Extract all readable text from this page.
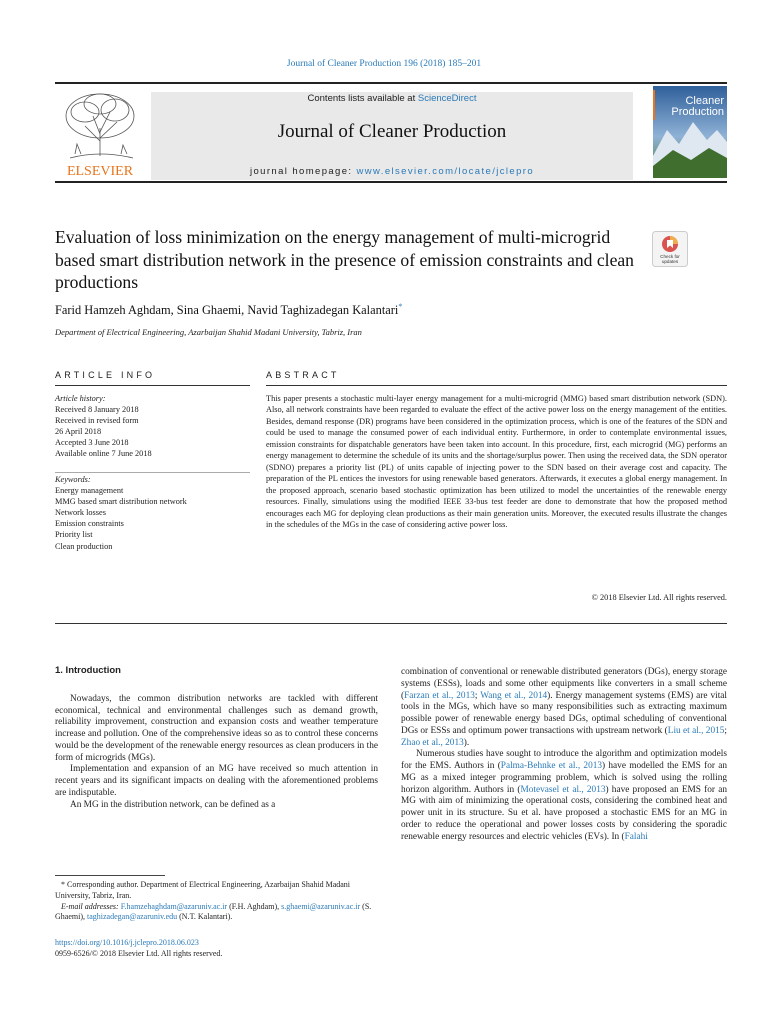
Journal of Cleaner Production 196 (2018) 185–201
ELSEVIER
Contents lists available at ScienceDirect
Journal of Cleaner Production
journal homepage: www.elsevier.com/locate/jclepro
Cleaner
Production
Evaluation of loss minimization on the energy management of multi-microgrid based smart distribution network in the presence of emission constraints and clean productions
Check for
updates
Farid Hamzeh Aghdam, Sina Ghaemi, Navid Taghizadegan Kalantari*
Department of Electrical Engineering, Azarbaijan Shahid Madani University, Tabriz, Iran
ARTICLE INFO	ABSTRACT
Article history:
Received 8 January 2018
Received in revised form
26 April 2018
Accepted 3 June 2018
Available online 7 June 2018
Keywords:
Energy management
MMG based smart distribution network
Network losses
Emission constraints
Priority list
Clean production
This paper presents a stochastic multi-layer energy management for a multi-microgrid (MMG) based smart distribution network (SDN). Also, all network constraints have been regarded to evaluate the effect of the active power loss on the energy management of the entities. Besides, demand response (DR) programs have been considered in the optimization process, which is one of the features of the SDN and could be used to manage the consumed power of each individual entity. Furthermore, in order to contemplate environmental issues, emission constraints for dispatchable generators have been taken into account. In this procedure, first, each microgrid (MG) performs an energy management to determine the schedule of its units and the shortage/surplus power. Then using the received data, the SDN operator (SDNO) prepares a priority list (PL) of units capable of injecting power to the SDN based on their average cost and capacity. The preparation of the PL entices the investors for using renewable based generators. Afterwards, it executes a global energy management. In the proposed approach, scenario based stochastic optimization has been utilized to model the uncertainties of the renewable energy resources. Finally, simulations using the modified IEEE 33-bus test feeder are done to demonstrate that how the proposed method encourages each MG for deploying clean productions as their main generation units. Moreover, the executed results illustrate the changes in the schedules of the MGs in the case of considering active power loss.
© 2018 Elsevier Ltd. All rights reserved.
1. Introduction

Nowadays, the common distribution networks are tackled with different economical, technical and environmental challenges such as demand growth, reliability improvement, construction and expansion costs and weather temperature increase and pollution. One of the comprehensive ideas so as to control these concerns would be the development of the renewable energy resources as clean producers in the form of microgrids (MGs).

Implementation and expansion of an MG have received so much attention in recent years and its significant impacts on dealing with the aforementioned problems are indisputable.

An MG in the distribution network, can be defined as a

combination of conventional or renewable distributed generators (DGs), energy storage systems (ESSs), loads and some other equipments like converters in a small scheme (Farzan et al., 2013; Wang et al., 2014). Energy management systems (EMS) are vital tools in the MGs, which have so many responsibilities such as extracting maximum possible power of renewable energy based DGs, optimal scheduling of conventional DGs or ESSs and optimum power transactions with upstream network (Liu et al., 2015; Zhao et al., 2013).

Numerous studies have sought to introduce the algorithm and optimization models for the EMS. Authors in (Palma-Behnke et al., 2013) have modelled the EMS for an MG as a mixed integer programming problem, which is solved using the rolling horizon algorithm. Authors in (Motevasel et al., 2013) have proposed an EMS for an MG with aim of minimizing the operational costs, considering the combined heat and power unit in its structure. Su et al. have proposed a stochastic EMS for an MG in order to reduce the operational and power losses costs by considering the sporadic renewable energy resources and electric vehicles (EVs). In (Falahi

* Corresponding author. Department of Electrical Engineering, Azarbaijan Shahid Madani University, Tabriz, Iran.
E-mail addresses: F.hamzehaghdam@azaruniv.ac.ir (F.H. Aghdam), s.ghaemi@azaruniv.ac.ir (S. Ghaemi), taghizadegan@azaruniv.edu (N.T. Kalantari).
https://doi.org/10.1016/j.jclepro.2018.06.023
0959-6526/© 2018 Elsevier Ltd. All rights reserved.
